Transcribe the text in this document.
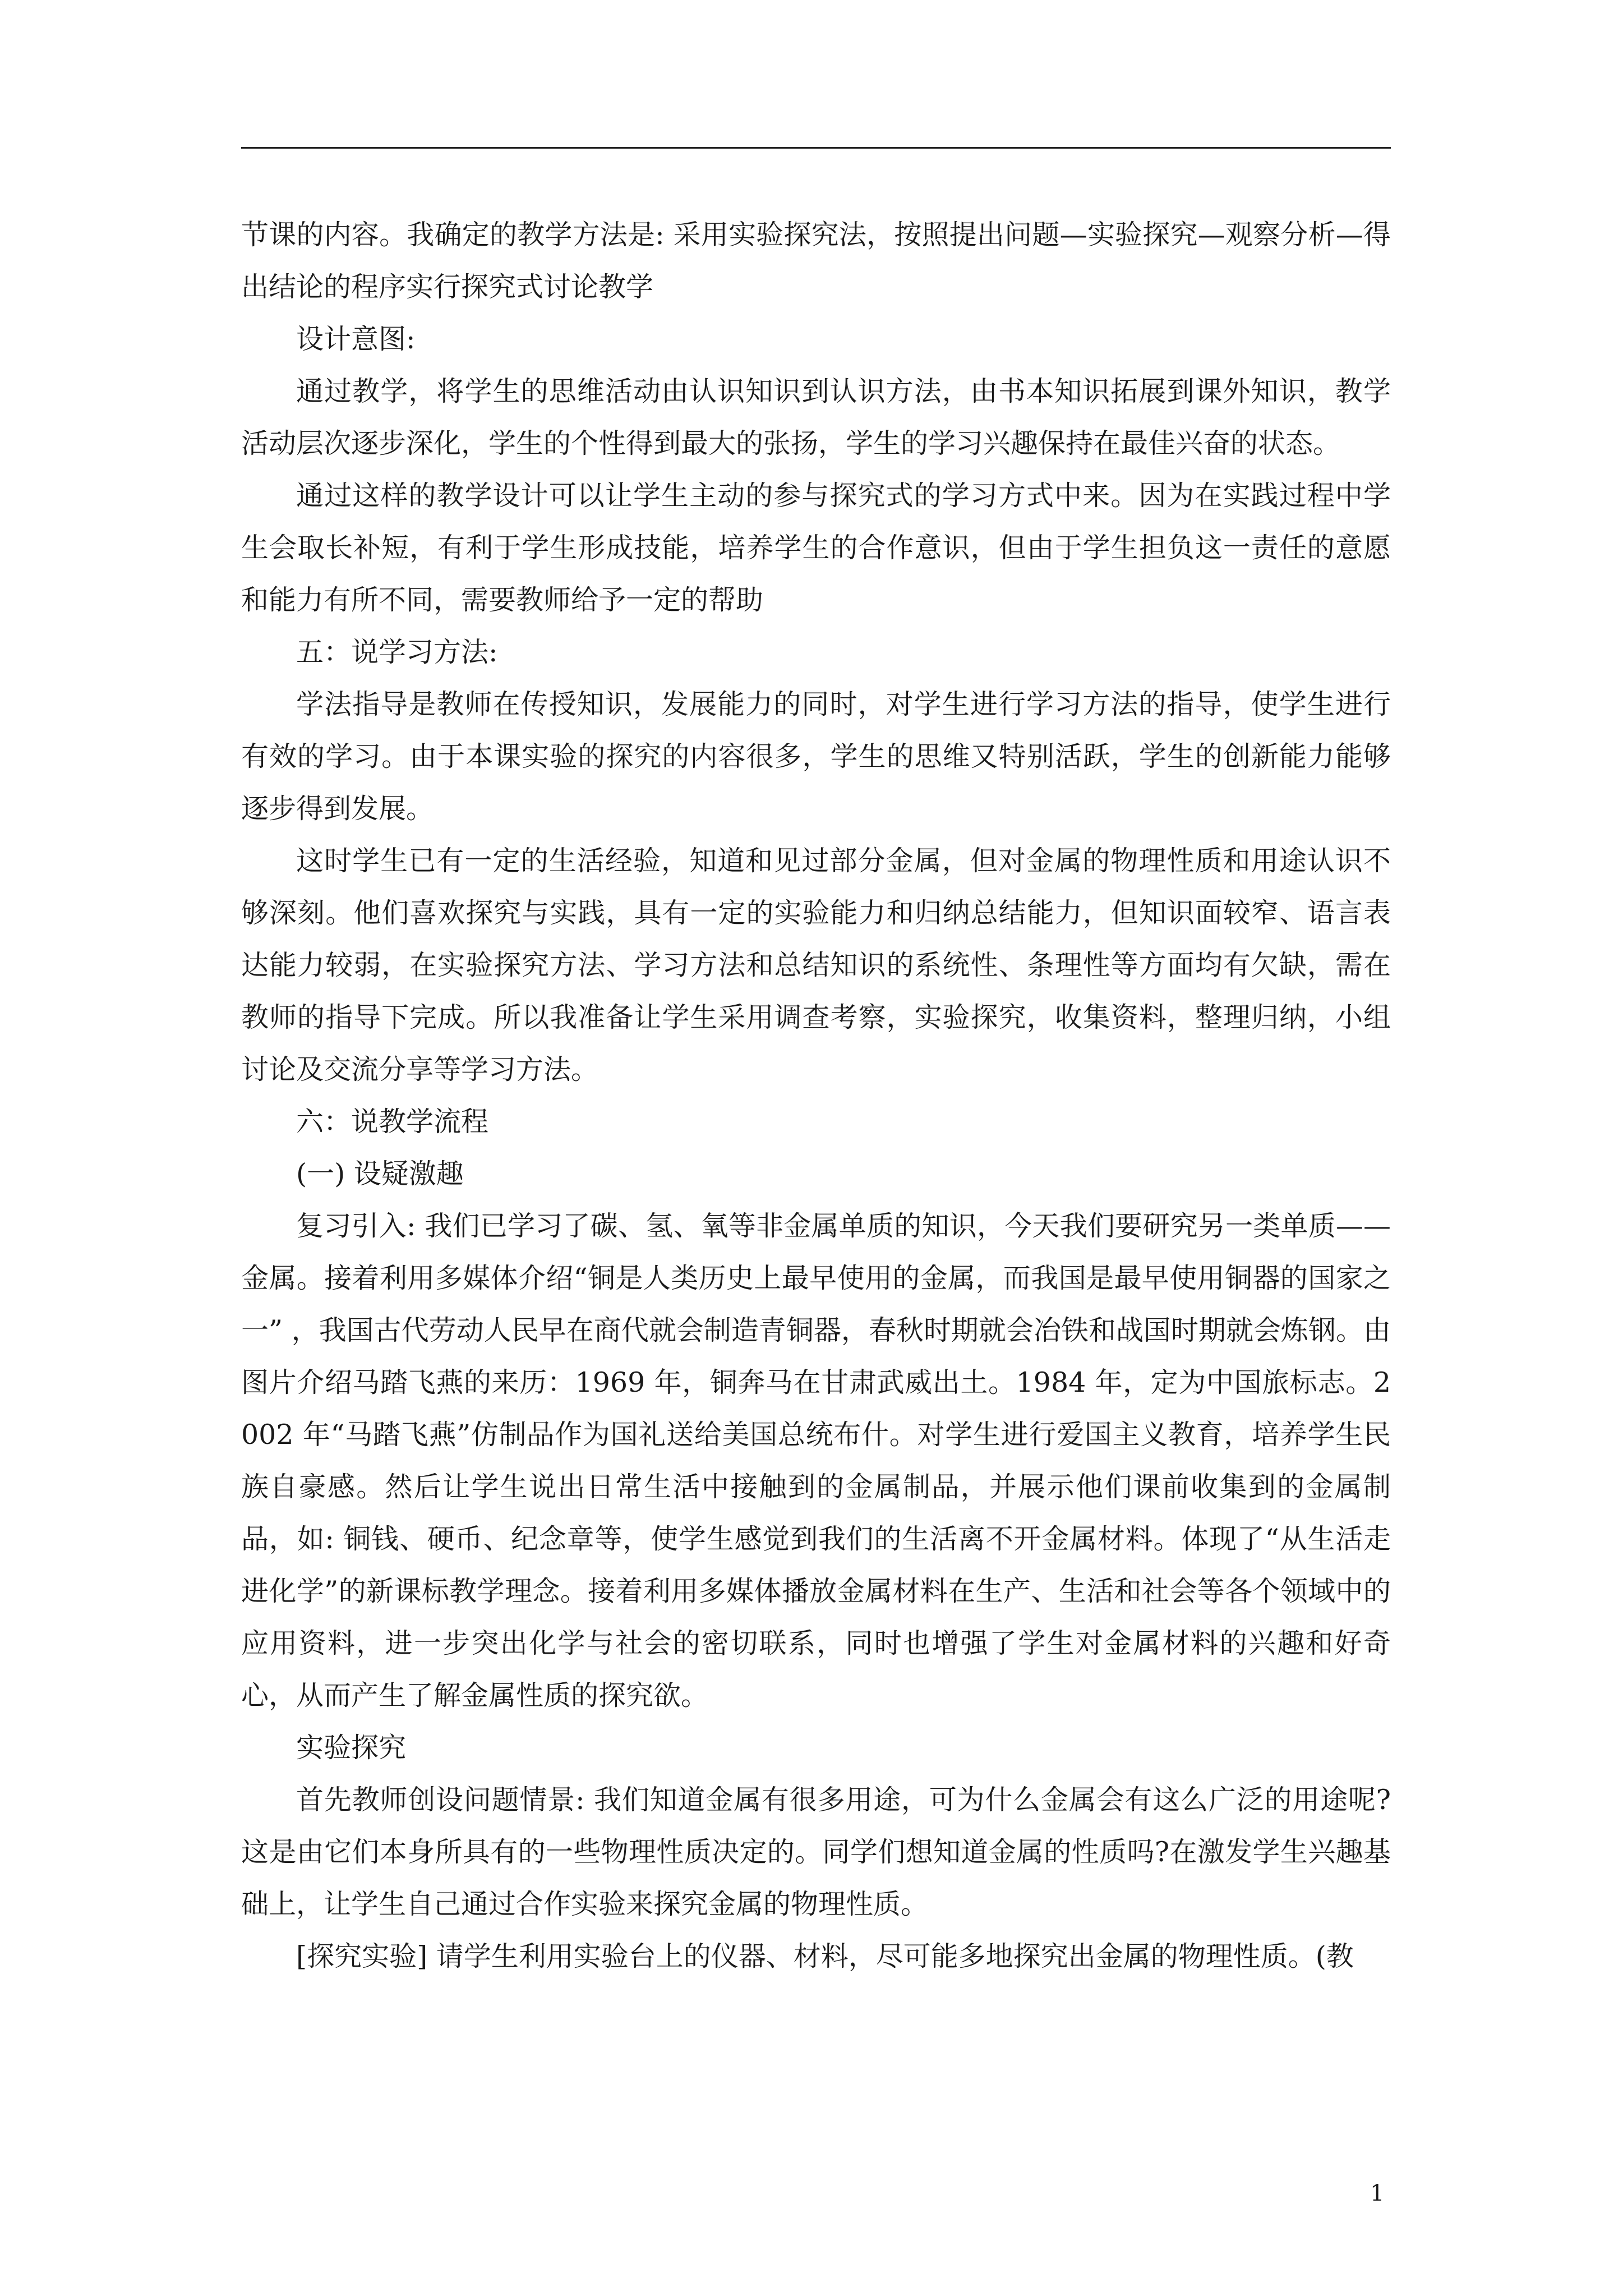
节课的内容。我确定的教学方法是: 采用实验探究法，按照提出问题—实验探究—观察分析—得出结论的程序实行探究式讨论教学

设计意图:

通过教学，将学生的思维活动由认识知识到认识方法，由书本知识拓展到课外知识，教学活动层次逐步深化，学生的个性得到最大的张扬，学生的学习兴趣保持在最佳兴奋的状态。

通过这样的教学设计可以让学生主动的参与探究式的学习方式中来。因为在实践过程中学生会取长补短，有利于学生形成技能，培养学生的合作意识，但由于学生担负这一责任的意愿和能力有所不同，需要教师给予一定的帮助

五：说学习方法:

学法指导是教师在传授知识，发展能力的同时，对学生进行学习方法的指导，使学生进行有效的学习。由于本课实验的探究的内容很多，学生的思维又特别活跃，学生的创新能力能够逐步得到发展。

这时学生已有一定的生活经验，知道和见过部分金属，但对金属的物理性质和用途认识不够深刻。他们喜欢探究与实践，具有一定的实验能力和归纳总结能力，但知识面较窄、语言表达能力较弱，在实验探究方法、学习方法和总结知识的系统性、条理性等方面均有欠缺，需在教师的指导下完成。所以我准备让学生采用调查考察，实验探究，收集资料，整理归纳，小组讨论及交流分享等学习方法。

六：说教学流程

(一) 设疑激趣

复习引入: 我们已学习了碳、氢、氧等非金属单质的知识，今天我们要研究另一类单质——金属。接着利用多媒体介绍“铜是人类历史上最早使用的金属，而我国是最早使用铜器的国家之一” ，我国古代劳动人民早在商代就会制造青铜器，春秋时期就会冶铁和战国时期就会炼钢。由图片介绍马踏飞燕的来历：1969 年，铜奔马在甘肃武威出土。1984 年，定为中国旅标志。2002 年“马踏飞燕”仿制品作为国礼送给美国总统布什。对学生进行爱国主义教育，培养学生民族自豪感。然后让学生说出日常生活中接触到的金属制品，并展示他们课前收集到的金属制品，如: 铜钱、硬币、纪念章等，使学生感觉到我们的生活离不开金属材料。体现了“从生活走进化学”的新课标教学理念。接着利用多媒体播放金属材料在生产、生活和社会等各个领域中的应用资料，进一步突出化学与社会的密切联系，同时也增强了学生对金属材料的兴趣和好奇心，从而产生了解金属性质的探究欲。

实验探究

首先教师创设问题情景: 我们知道金属有很多用途，可为什么金属会有这么广泛的用途呢?这是由它们本身所具有的一些物理性质决定的。同学们想知道金属的性质吗?在激发学生兴趣基础上，让学生自己通过合作实验来探究金属的物理性质。

[探究实验] 请学生利用实验台上的仪器、材料，尽可能多地探究出金属的物理性质。(教

1
